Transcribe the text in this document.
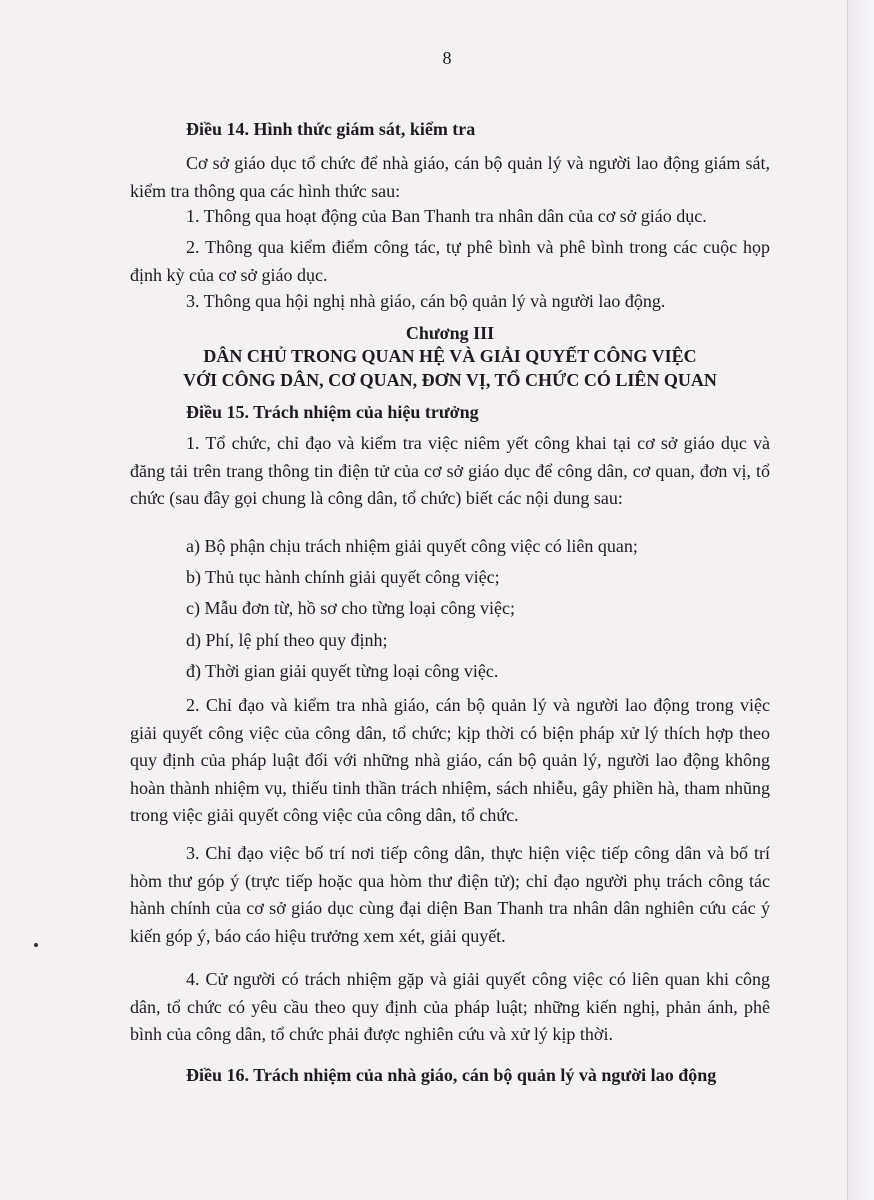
8
Điều 14. Hình thức giám sát, kiểm tra
Cơ sở giáo dục tổ chức để nhà giáo, cán bộ quản lý và người lao động giám sát, kiểm tra thông qua các hình thức sau:
1. Thông qua hoạt động của Ban Thanh tra nhân dân của cơ sở giáo dục.
2. Thông qua kiểm điểm công tác, tự phê bình và phê bình trong các cuộc họp định kỳ của cơ sở giáo dục.
3. Thông qua hội nghị nhà giáo, cán bộ quản lý và người lao động.
Chương III
DÂN CHỦ TRONG QUAN HỆ VÀ GIẢI QUYẾT CÔNG VIỆC
VỚI CÔNG DÂN, CƠ QUAN, ĐƠN VỊ, TỔ CHỨC CÓ LIÊN QUAN
Điều 15. Trách nhiệm của hiệu trưởng
1. Tổ chức, chỉ đạo và kiểm tra việc niêm yết công khai tại cơ sở giáo dục và đăng tải trên trang thông tin điện tử của cơ sở giáo dục để công dân, cơ quan, đơn vị, tổ chức (sau đây gọi chung là công dân, tổ chức) biết các nội dung sau:
a) Bộ phận chịu trách nhiệm giải quyết công việc có liên quan;
b) Thủ tục hành chính giải quyết công việc;
c) Mẫu đơn từ, hồ sơ cho từng loại công việc;
d) Phí, lệ phí theo quy định;
đ) Thời gian giải quyết từng loại công việc.
2. Chỉ đạo và kiểm tra nhà giáo, cán bộ quản lý và người lao động trong việc giải quyết công việc của công dân, tổ chức; kịp thời có biện pháp xử lý thích hợp theo quy định của pháp luật đối với những nhà giáo, cán bộ quản lý, người lao động không hoàn thành nhiệm vụ, thiếu tinh thần trách nhiệm, sách nhiễu, gây phiền hà, tham nhũng trong việc giải quyết công việc của công dân, tổ chức.
3. Chỉ đạo việc bố trí nơi tiếp công dân, thực hiện việc tiếp công dân và bố trí hòm thư góp ý (trực tiếp hoặc qua hòm thư điện tử); chỉ đạo người phụ trách công tác hành chính của cơ sở giáo dục cùng đại diện Ban Thanh tra nhân dân nghiên cứu các ý kiến góp ý, báo cáo hiệu trưởng xem xét, giải quyết.
4. Cử người có trách nhiệm gặp và giải quyết công việc có liên quan khi công dân, tổ chức có yêu cầu theo quy định của pháp luật; những kiến nghị, phản ánh, phê bình của công dân, tổ chức phải được nghiên cứu và xử lý kịp thời.
Điều 16. Trách nhiệm của nhà giáo, cán bộ quản lý và người lao động
